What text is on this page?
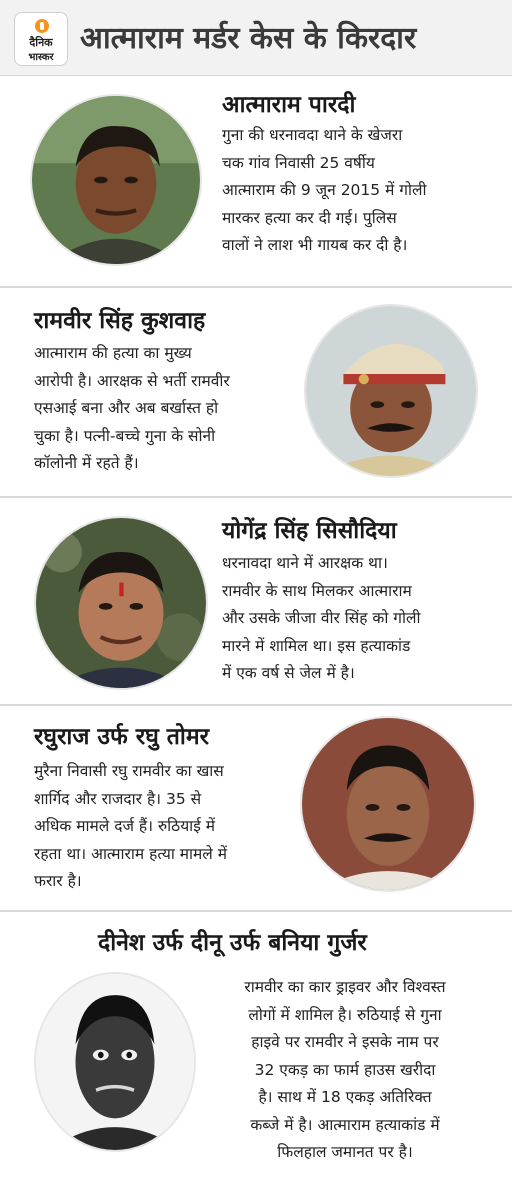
दैनिक
भास्कर
आत्माराम मर्डर केस के किरदार
आत्माराम पारदी
गुना की धरनावदा थाने के खेजरा
चक गांव निवासी 25 वर्षीय
आत्माराम की 9 जून 2015 में गोली
मारकर हत्या कर दी गई। पुलिस
वालों ने लाश भी गायब कर दी है।
रामवीर सिंह कुशवाह
आत्माराम की हत्या का मुख्य
आरोपी है। आरक्षक से भर्ती रामवीर
एसआई बना और अब बर्खास्त हो
चुका है। पत्नी-बच्चे गुना के सोनी
कॉलोनी में रहते हैं।
योगेंद्र सिंह सिसौदिया
धरनावदा थाने में आरक्षक था।
रामवीर के साथ मिलकर आत्माराम
और उसके जीजा वीर सिंह को गोली
मारने में शामिल था। इस हत्याकांड
में एक वर्ष से जेल में है।
रघुराज उर्फ रघु तोमर
मुरैना निवासी रघु रामवीर का खास
शार्गिद और राजदार है। 35 से
अधिक मामले दर्ज हैं। रुठियाई में
रहता था। आत्माराम हत्या मामले में
फरार है।
दीनेश उर्फ दीनू उर्फ बनिया गुर्जर
रामवीर का कार ड्राइवर और विश्वस्त
लोगों में शामिल है। रुठियाई से गुना
हाइवे पर रामवीर ने इसके नाम पर
32 एकड़ का फार्म हाउस खरीदा
है। साथ में 18 एकड़ अतिरिक्त
कब्जे में है। आत्माराम हत्याकांड में
फिलहाल जमानत पर है।
